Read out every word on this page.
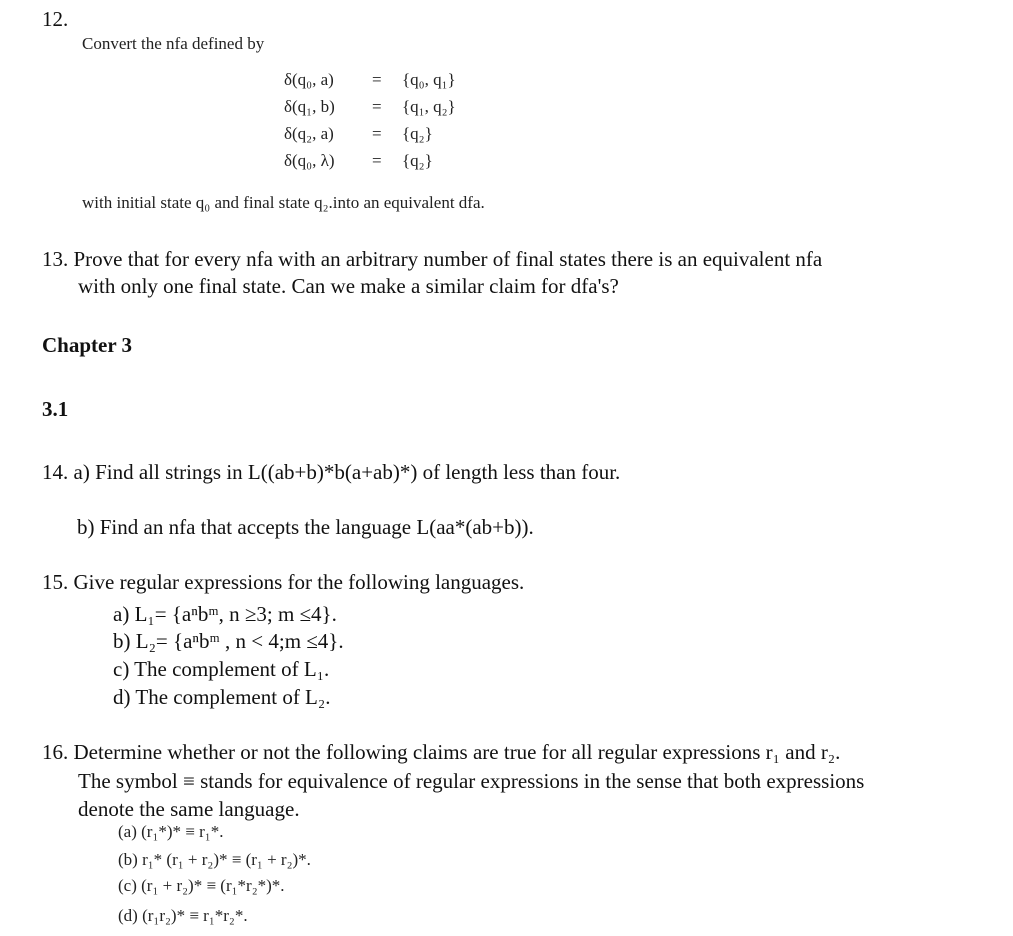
12.
Convert the nfa defined by
δ(q₀, a) = {q₀, q₁}
δ(q₁, b) = {q₁, q₂}
δ(q₂, a) = {q₂}
δ(q₀, λ) = {q₂}
with initial state q₀ and final state q₂.into an equivalent dfa.
13. Prove that for every nfa with an arbitrary number of final states there is an equivalent nfa
with only one final state. Can we make a similar claim for dfa's?
Chapter 3
3.1
14. a) Find all strings in L((ab+b)*b(a+ab)*) of length less than four.
b) Find an nfa that accepts the language L(aa*(ab+b)).
15. Give regular expressions for the following languages.
a) L₁= {aⁿbᵐ, n ≥3; m ≤4}.
b) L₂= {aⁿbᵐ , n < 4;m ≤4}.
c) The complement of L₁.
d) The complement of L₂.
16. Determine whether or not the following claims are true for all regular expressions r₁ and r₂.
The symbol ≡ stands for equivalence of regular expressions in the sense that both expressions
denote the same language.
(a) (r₁*)* ≡ r₁*.
(b) r₁* (r₁ + r₂)* ≡ (r₁ + r₂)*.
(c) (r₁ + r₂)* ≡ (r₁*r₂*)*.
(d) (r₁r₂)* ≡ r₁*r₂*.
